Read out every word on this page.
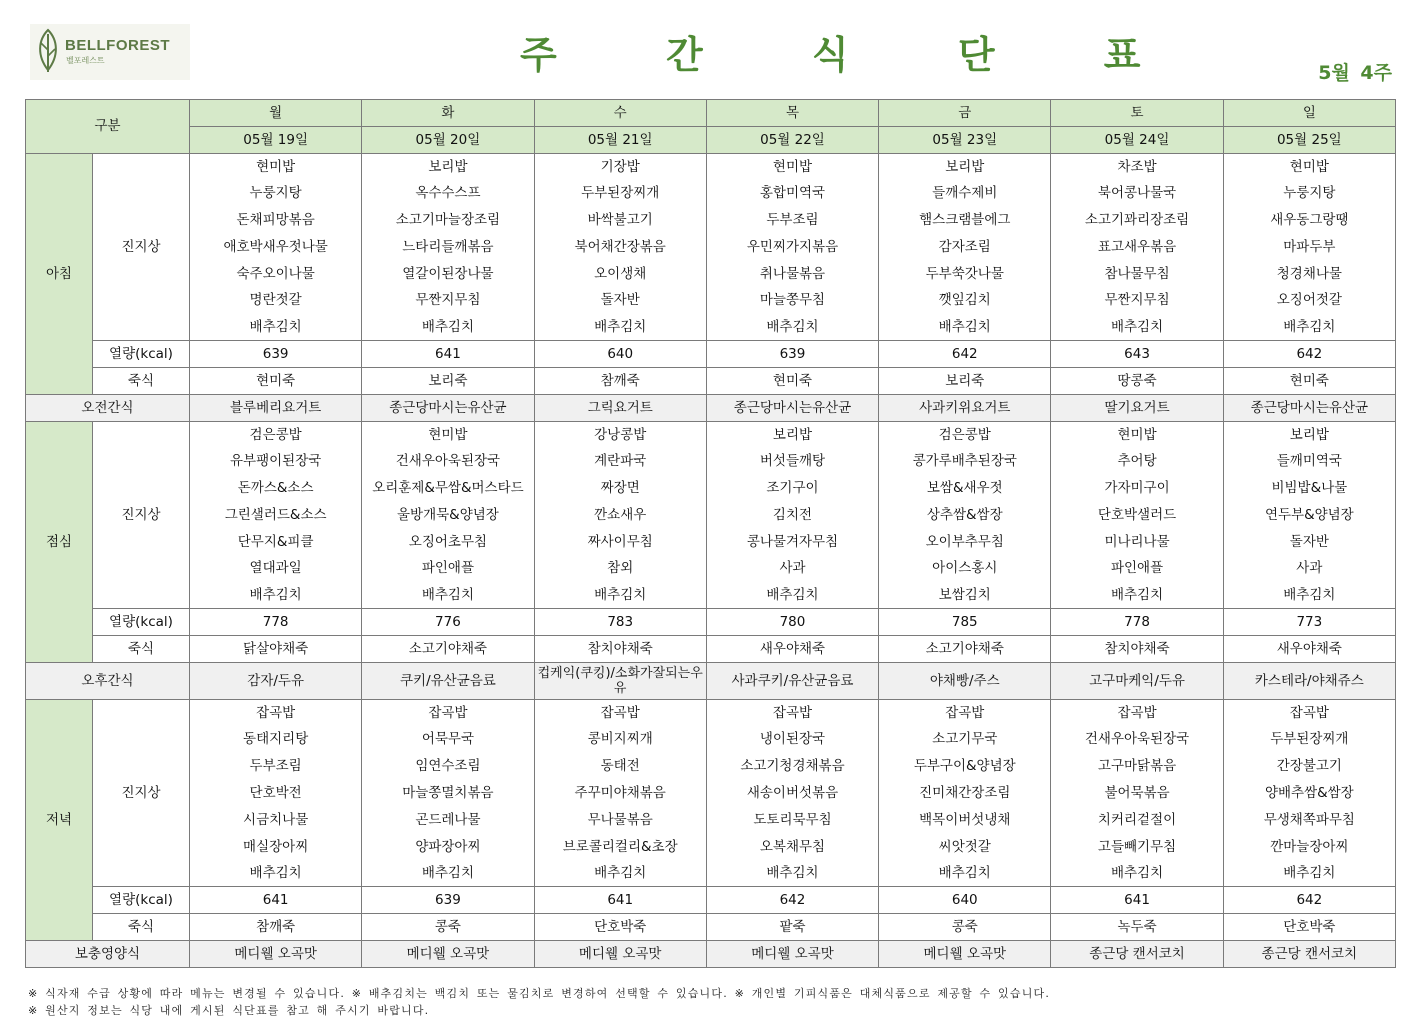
BELLFOREST
벨포레스트	주 간 식 단 표	5월 4주
구분		월	화	수	목	금	토	일
		05월 19일	05월 20일	05월 21일	05월 22일	05월 23일	05월 24일	05월 25일
아침	진지상	현미밥	보리밥	기장밥	현미밥	보리밥	차조밥	현미밥
		누룽지탕	옥수수스프	두부된장찌개	홍합미역국	들깨수제비	북어콩나물국	누룽지탕
		돈채피망볶음	소고기마늘장조림	바싹불고기	두부조림	햄스크램블에그	소고기꽈리장조림	새우동그랑땡
		애호박새우젓나물	느타리들깨볶음	북어채간장볶음	우민찌가지볶음	감자조림	표고새우볶음	마파두부
		숙주오이나물	열갈이된장나물	오이생채	취나물볶음	두부쑥갓나물	참나물무침	청경채나물
		명란젓갈	무짠지무침	돌자반	마늘쫑무침	깻잎김치	무짠지무침	오징어젓갈
		배추김치	배추김치	배추김치	배추김치	배추김치	배추김치	배추김치
	열량(kcal)	639	641	640	639	642	643	642
	죽식	현미죽	보리죽	참깨죽	현미죽	보리죽	땅콩죽	현미죽
오전간식		블루베리요거트	종근당마시는유산균	그릭요거트	종근당마시는유산균	사과키위요거트	딸기요거트	종근당마시는유산균
점심	진지상	검은콩밥	현미밥	강낭콩밥	보리밥	검은콩밥	현미밥	보리밥
		유부팽이된장국	건새우아욱된장국	계란파국	버섯들깨탕	콩가루배추된장국	추어탕	들깨미역국
		돈까스&소스	오리훈제&무쌈&머스타드	짜장면	조기구이	보쌈&새우젓	가자미구이	비빔밥&나물
		그린샐러드&소스	울방개묵&양념장	깐쇼새우	김치전	상추쌈&쌈장	단호박샐러드	연두부&양념장
		단무지&피클	오징어초무침	짜사이무침	콩나물겨자무침	오이부추무침	미나리나물	돌자반
		열대과일	파인애플	참외	사과	아이스홍시	파인애플	사과
		배추김치	배추김치	배추김치	배추김치	보쌈김치	배추김치	배추김치
	열량(kcal)	778	776	783	780	785	778	773
	죽식	닭살야채죽	소고기야채죽	참치야채죽	새우야채죽	소고기야채죽	참치야채죽	새우야채죽
오후간식		감자/두유	쿠키/유산균음료	컵케익(쿠킹)/소화가잘되는우유	사과쿠키/유산균음료	야채빵/주스	고구마케익/두유	카스테라/야채쥬스
저녁	진지상	잡곡밥	잡곡밥	잡곡밥	잡곡밥	잡곡밥	잡곡밥	잡곡밥
		동태지리탕	어묵무국	콩비지찌개	냉이된장국	소고기무국	건새우아욱된장국	두부된장찌개
		두부조림	임연수조림	동태전	소고기청경채볶음	두부구이&양념장	고구마닭볶음	간장불고기
		단호박전	마늘쫑멸치볶음	주꾸미야채볶음	새송이버섯볶음	진미채간장조림	불어묵볶음	양배추쌈&쌈장
		시금치나물	곤드레나물	무나물볶음	도토리묵무침	백목이버섯냉채	치커리겉절이	무생채쪽파무침
		매실장아찌	양파장아찌	브로콜리컬리&초장	오복채무침	씨앗젓갈	고들빼기무침	깐마늘장아찌
		배추김치	배추김치	배추김치	배추김치	배추김치	배추김치	배추김치
	열량(kcal)	641	639	641	642	640	641	642
	죽식	참깨죽	콩죽	단호박죽	팥죽	콩죽	녹두죽	단호박죽
보충영양식		메디웰 오곡맛	메디웰 오곡맛	메디웰 오곡맛	메디웰 오곡맛	메디웰 오곡맛	종근당 캔서코치	종근당 캔서코치
※ 식자재 수급 상황에 따라 메뉴는 변경될 수 있습니다. ※ 배추김치는 백김치 또는 물김치로 변경하여 선택할 수 있습니다. ※ 개인별 기피식품은 대체식품으로 제공할 수 있습니다.
※ 원산지 정보는 식당 내에 게시된 식단표를 참고 해 주시기 바랍니다.
